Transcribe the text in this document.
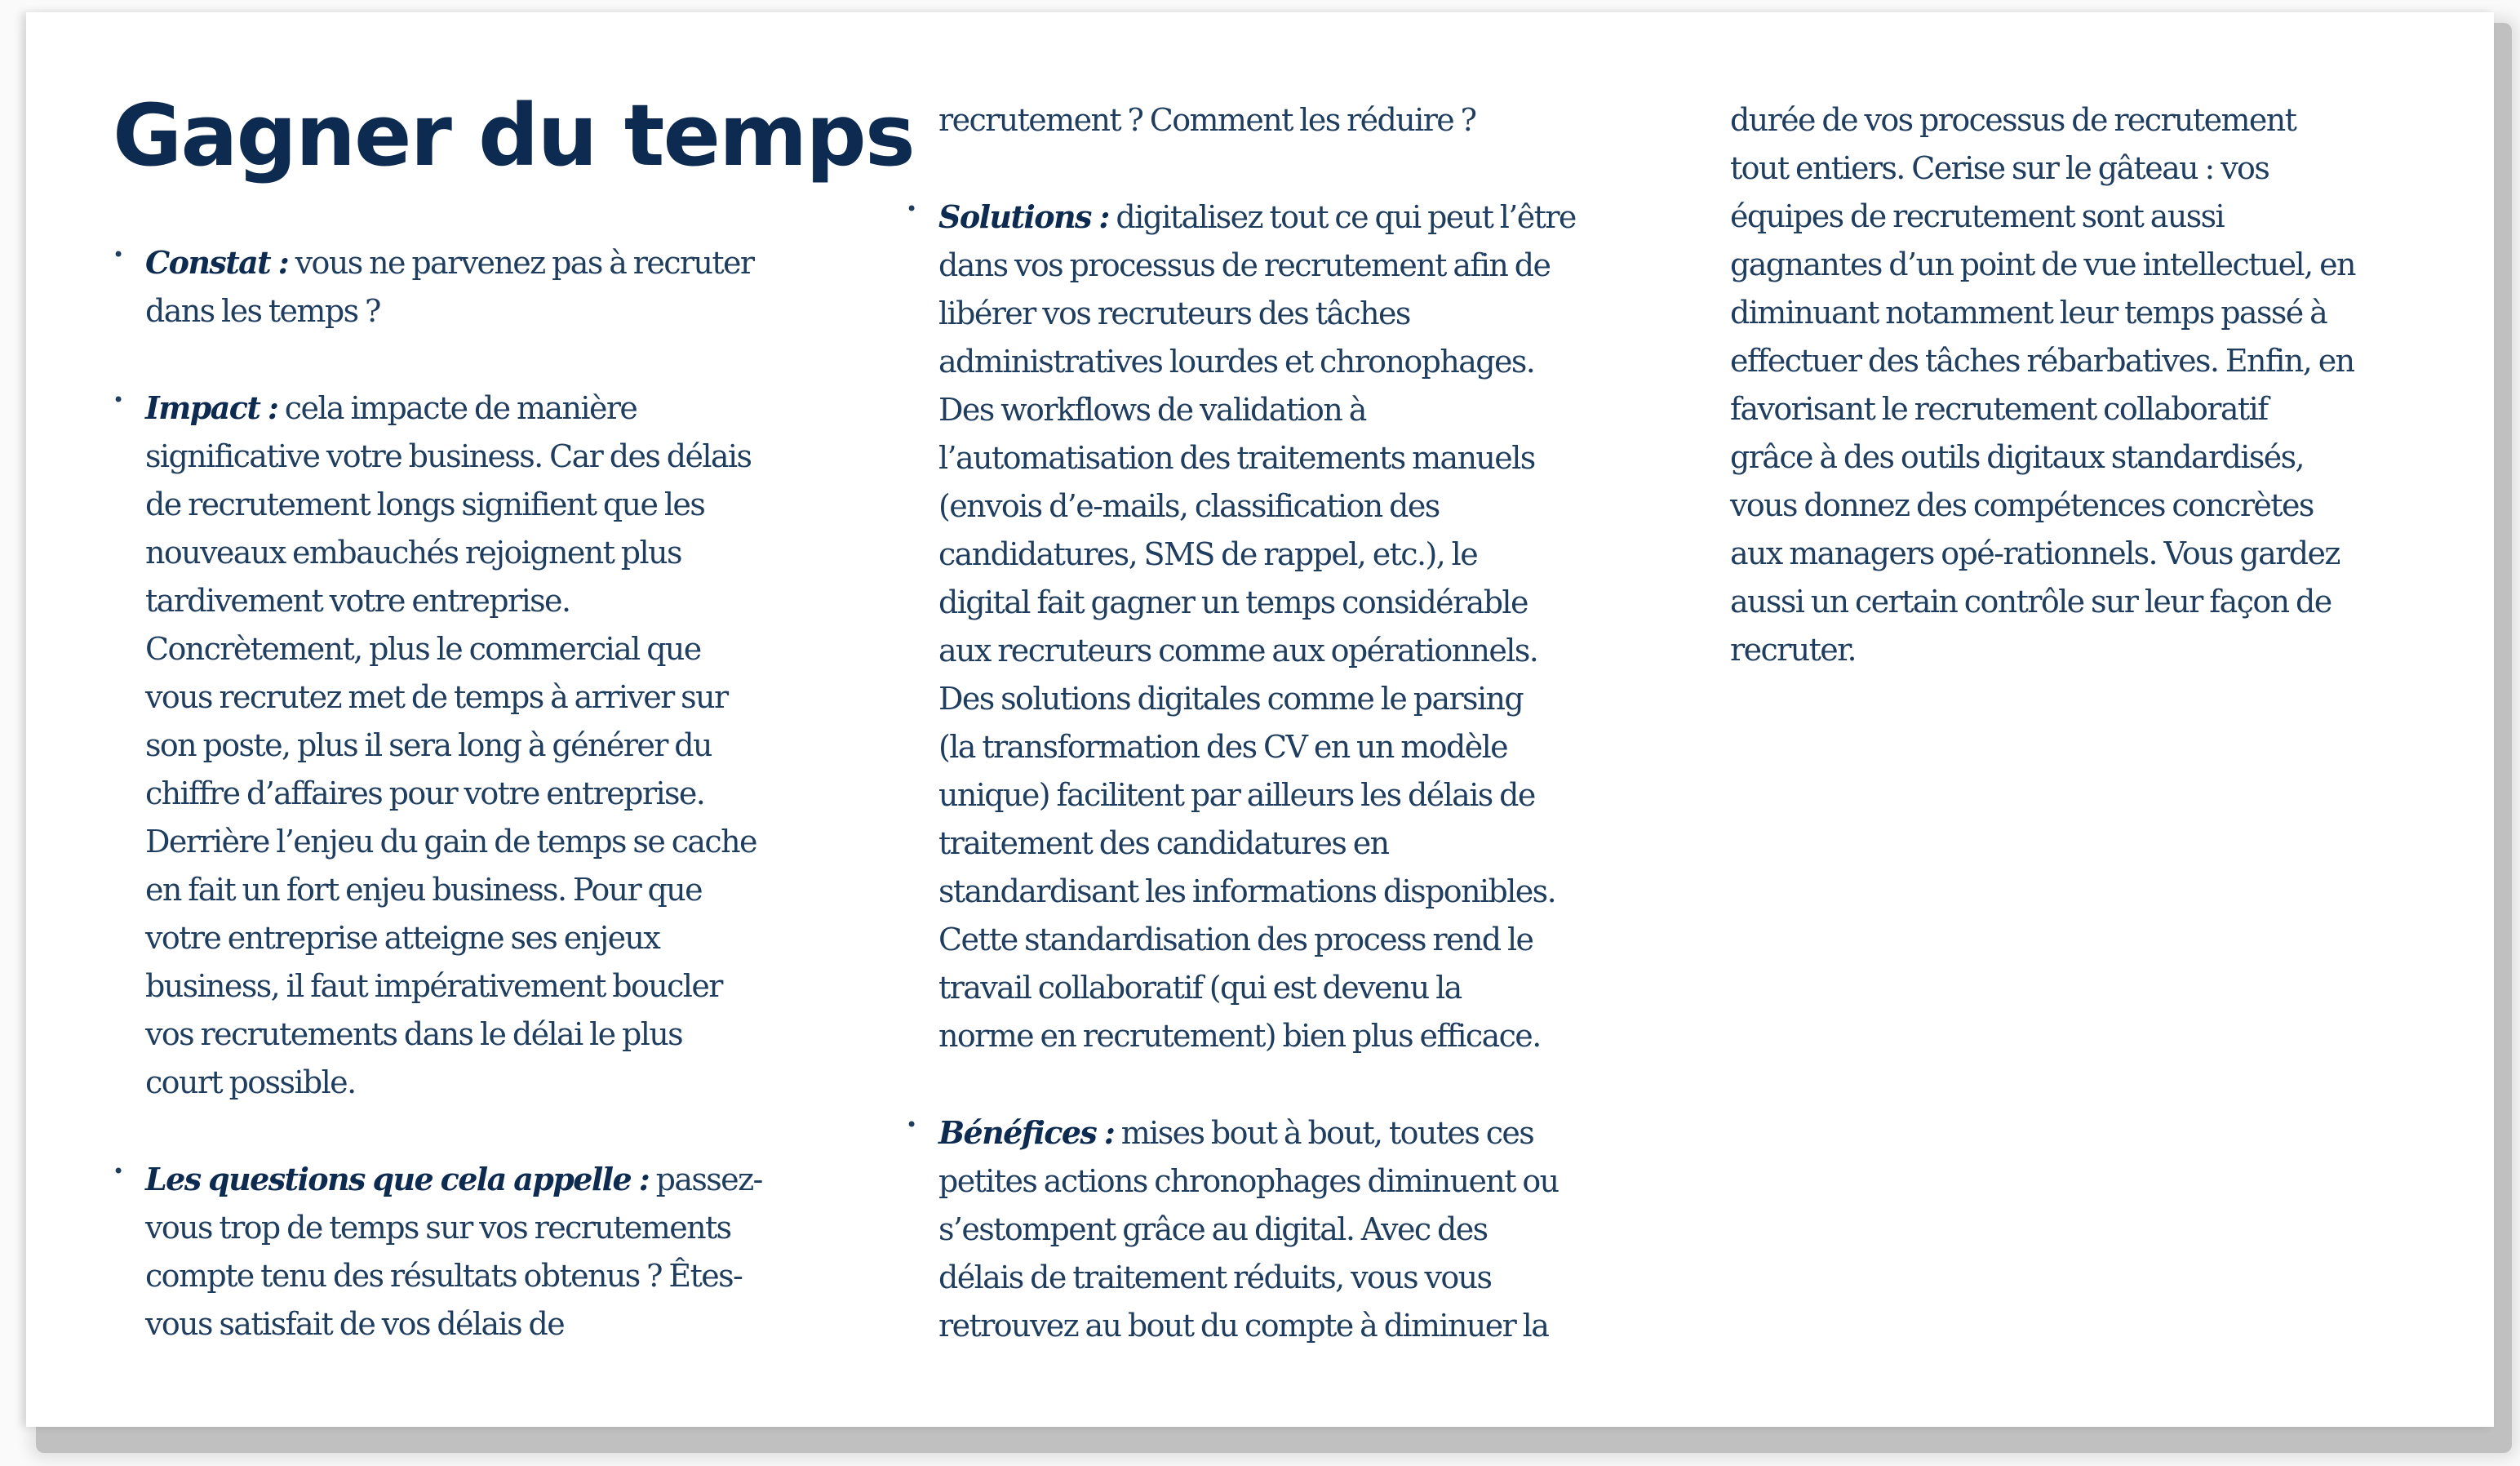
Gagner du temps
• Constat : vous ne parvenez pas à recruter
dans les temps ?
• Impact : cela impacte de manière
significative votre business. Car des délais
de recrutement longs signifient que les
nouveaux embauchés rejoignent plus
tardivement votre entreprise.
Concrètement, plus le commercial que
vous recrutez met de temps à arriver sur
son poste, plus il sera long à générer du
chiffre d’affaires pour votre entreprise.
Derrière l’enjeu du gain de temps se cache
en fait un fort enjeu business. Pour que
votre entreprise atteigne ses enjeux
business, il faut impérativement boucler
vos recrutements dans le délai le plus
court possible.
• Les questions que cela appelle : passez-
vous trop de temps sur vos recrutements
compte tenu des résultats obtenus ? Êtes-
vous satisfait de vos délais de
recrutement ? Comment les réduire ?
• Solutions : digitalisez tout ce qui peut l’être
dans vos processus de recrutement afin de
libérer vos recruteurs des tâches
administratives lourdes et chronophages.
Des workflows de validation à
l’automatisation des traitements manuels
(envois d’e-mails, classification des
candidatures, SMS de rappel, etc.), le
digital fait gagner un temps considérable
aux recruteurs comme aux opérationnels.
Des solutions digitales comme le parsing
(la transformation des CV en un modèle
unique) facilitent par ailleurs les délais de
traitement des candidatures en
standardisant les informations disponibles.
Cette standardisation des process rend le
travail collaboratif (qui est devenu la
norme en recrutement) bien plus efficace.
• Bénéfices : mises bout à bout, toutes ces
petites actions chronophages diminuent ou
s’estompent grâce au digital. Avec des
délais de traitement réduits, vous vous
retrouvez au bout du compte à diminuer la
durée de vos processus de recrutement
tout entiers. Cerise sur le gâteau : vos
équipes de recrutement sont aussi
gagnantes d’un point de vue intellectuel, en
diminuant notamment leur temps passé à
effectuer des tâches rébarbatives. Enfin, en
favorisant le recrutement collaboratif
grâce à des outils digitaux standardisés,
vous donnez des compétences concrètes
aux managers opé-rationnels. Vous gardez
aussi un certain contrôle sur leur façon de
recruter.
